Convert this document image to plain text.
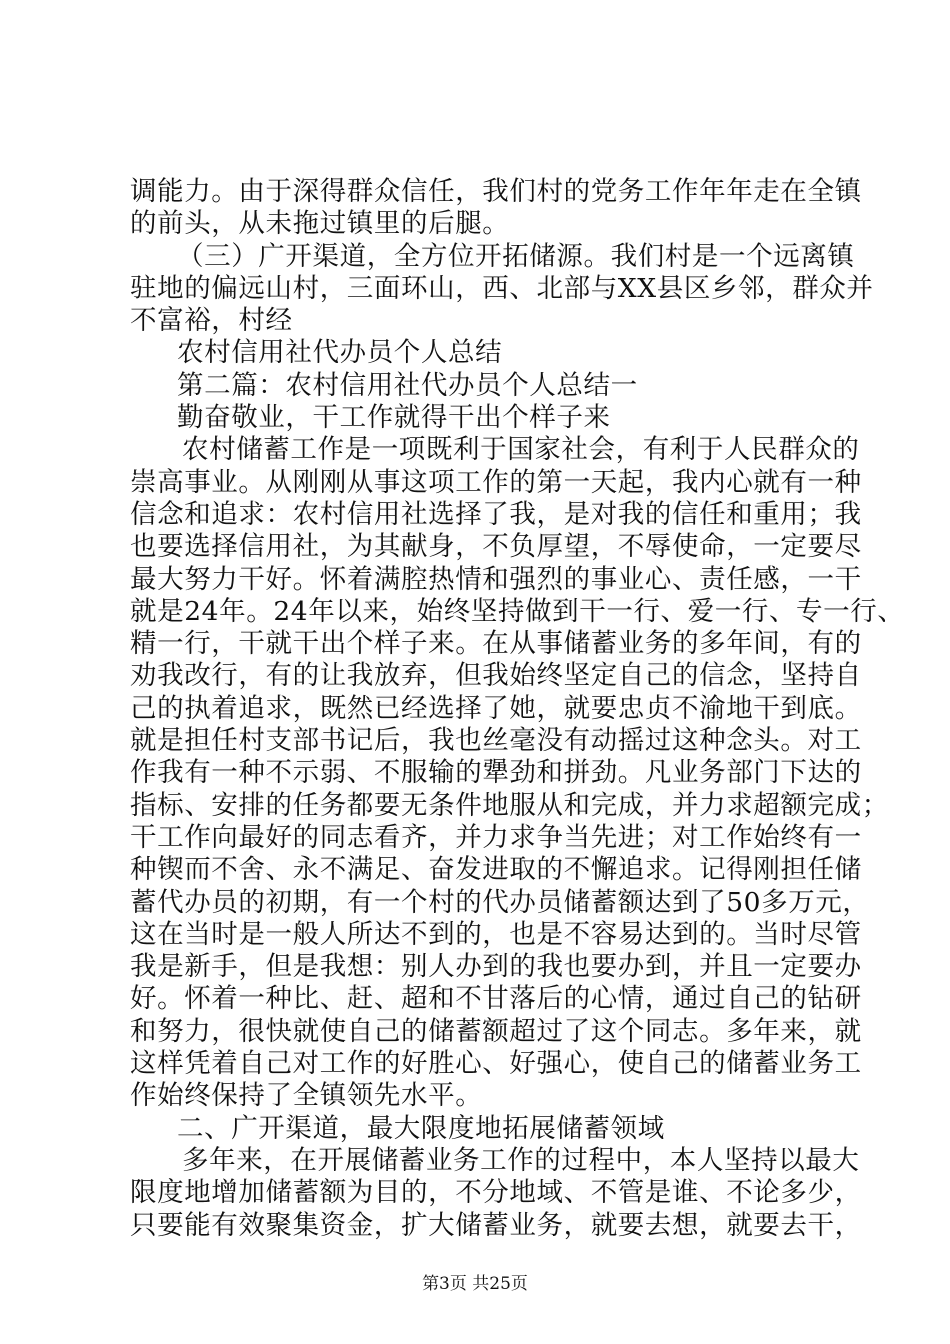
调能力。由于深得群众信任，我们村的党务工作年年走在全镇
的前头，从未拖过镇里的后腿。
（三）广开渠道，全方位开拓储源。我们村是一个远离镇
驻地的偏远山村，三面环山，西、北部与XX县区乡邻，群众并
不富裕，村经
农村信用社代办员个人总结
第二篇：农村信用社代办员个人总结一
勤奋敬业，干工作就得干出个样子来
农村储蓄工作是一项既利于国家社会，有利于人民群众的
崇高事业。从刚刚从事这项工作的第一天起，我内心就有一种
信念和追求：农村信用社选择了我，是对我的信任和重用；我
也要选择信用社，为其献身，不负厚望，不辱使命，一定要尽
最大努力干好。怀着满腔热情和强烈的事业心、责任感，一干
就是24年。24年以来，始终坚持做到干一行、爱一行、专一行、
精一行，干就干出个样子来。在从事储蓄业务的多年间，有的
劝我改行，有的让我放弃，但我始终坚定自己的信念，坚持自
己的执着追求，既然已经选择了她，就要忠贞不渝地干到底。
就是担任村支部书记后，我也丝毫没有动摇过这种念头。对工
作我有一种不示弱、不服输的犟劲和拼劲。凡业务部门下达的
指标、安排的任务都要无条件地服从和完成，并力求超额完成；
干工作向最好的同志看齐，并力求争当先进；对工作始终有一
种锲而不舍、永不满足、奋发进取的不懈追求。记得刚担任储
蓄代办员的初期，有一个村的代办员储蓄额达到了50多万元，
这在当时是一般人所达不到的，也是不容易达到的。当时尽管
我是新手，但是我想：别人办到的我也要办到，并且一定要办
好。怀着一种比、赶、超和不甘落后的心情，通过自己的钻研
和努力，很快就使自己的储蓄额超过了这个同志。多年来，就
这样凭着自己对工作的好胜心、好强心，使自己的储蓄业务工
作始终保持了全镇领先水平。
二、广开渠道，最大限度地拓展储蓄领域
多年来，在开展储蓄业务工作的过程中，本人坚持以最大
限度地增加储蓄额为目的，不分地域、不管是谁、不论多少，
只要能有效聚集资金，扩大储蓄业务，就要去想，就要去干，
第3页 共25页
